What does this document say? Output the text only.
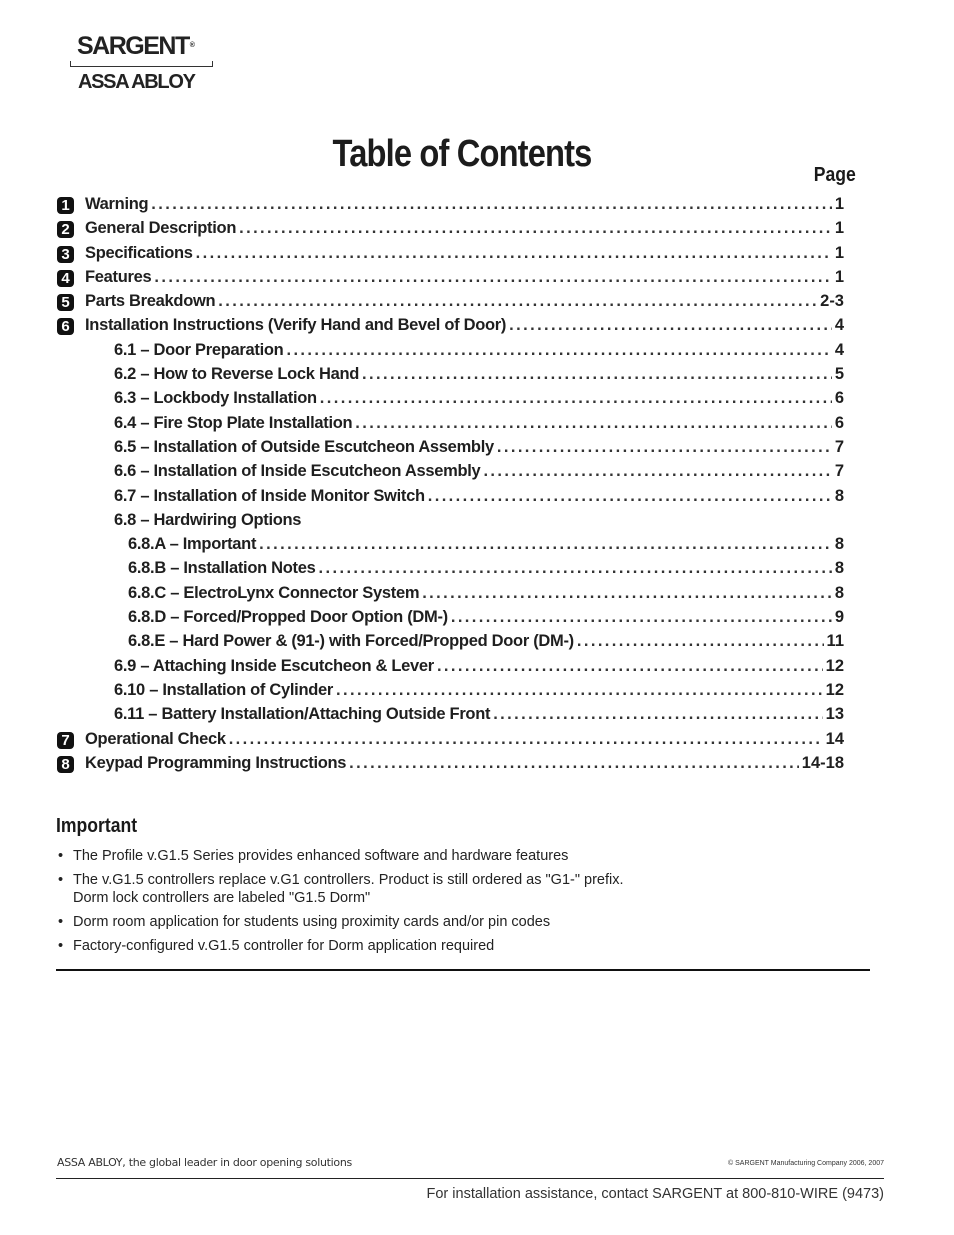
SARGENT®
ASSA ABLOY
Table of Contents	Page
1 Warning .....	1
2 General Description .....	1
3 Specifications .....	1
4 Features .....	1
5 Parts Breakdown .....	2-3
6 Installation Instructions (Verify Hand and Bevel of Door) .....	4
6.1 – Door Preparation .....	4
6.2 – How to Reverse Lock Hand .....	5
6.3 – Lockbody Installation .....	6
6.4 – Fire Stop Plate Installation .....	6
6.5 – Installation of Outside Escutcheon Assembly .....	7
6.6 – Installation of Inside Escutcheon Assembly .....	7
6.7 – Installation of Inside Monitor Switch .....	8
6.8 – Hardwiring Options
6.8.A – Important .....	8
6.8.B – Installation Notes .....	8
6.8.C – ElectroLynx Connector System .....	8
6.8.D – Forced/Propped Door Option (DM-) .....	9
6.8.E – Hard Power & (91-) with Forced/Propped Door (DM-) .....	11
6.9 – Attaching Inside Escutcheon & Lever .....	12
6.10 – Installation of Cylinder .....	12
6.11 – Battery Installation/Attaching Outside Front .....	13
7 Operational Check .....	14
8 Keypad Programming Instructions .....	14-18
Important
• The Profile v.G1.5 Series provides enhanced software and hardware features
• The v.G1.5 controllers replace v.G1 controllers. Product is still ordered as "G1-" prefix.
Dorm lock controllers are labeled "G1.5 Dorm"
• Dorm room application for students using proximity cards and/or pin codes
• Factory-configured v.G1.5 controller for Dorm application required
ASSA ABLOY, the global leader in door opening solutions	© SARGENT Manufacturing Company 2006, 2007
For installation assistance, contact SARGENT at 800-810-WIRE (9473)
